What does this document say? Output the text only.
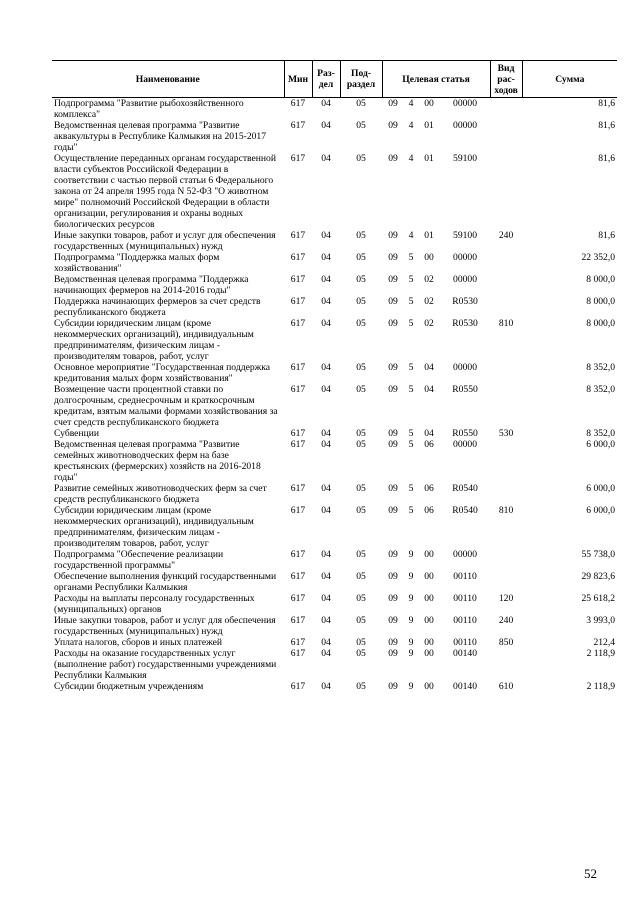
Наименование	Мин	Раз-дел	Под-раздел	Целевая статья				Вид рас-ходов	Сумма
Подпрограмма "Развитие рыбохозяйственного комплекса"	617	04	05	09	4	00	00000		81,6
Ведомственная целевая программа "Развитие аквакультуры в Республике Калмыкия на 2015-2017 годы"	617	04	05	09	4	01	00000		81,6
Осуществление переданных органам государственной власти субъектов Российской Федерации в соответствии с частью первой статьи 6 Федерального закона от 24 апреля 1995 года N 52-ФЗ "О животном мире" полномочий Российской Федерации в области организации, регулирования и охраны водных биологических ресурсов	617	04	05	09	4	01	59100		81,6
Иные закупки товаров, работ и услуг для обеспечения государственных (муниципальных) нужд	617	04	05	09	4	01	59100	240	81,6
Подпрограмма "Поддержка малых форм хозяйствования"	617	04	05	09	5	00	00000		22 352,0
Ведомственная целевая программа "Поддержка начинающих фермеров на 2014-2016 годы"	617	04	05	09	5	02	00000		8 000,0
Поддержка начинающих фермеров за счет средств республиканского бюджета	617	04	05	09	5	02	R0530		8 000,0
Субсидии юридическим лицам (кроме некоммерческих организаций), индивидуальным предпринимателям, физическим лицам - производителям товаров, работ, услуг	617	04	05	09	5	02	R0530	810	8 000,0
Основное мероприятие "Государственная поддержка кредитования малых форм хозяйствования"	617	04	05	09	5	04	00000		8 352,0
Возмещение части процентной ставки по долгосрочным, среднесрочным и краткосрочным кредитам, взятым малыми формами хозяйствования за счет средств республиканского бюджета	617	04	05	09	5	04	R0550		8 352,0
Субвенции	617	04	05	09	5	04	R0550	530	8 352,0
Ведомственная целевая программа "Развитие семейных животноводческих ферм на базе крестьянских (фермерских) хозяйств на 2016-2018 годы"	617	04	05	09	5	06	00000		6 000,0
Развитие семейных животноводческих ферм за счет средств республиканского бюджета	617	04	05	09	5	06	R0540		6 000,0
Субсидии юридическим лицам (кроме некоммерческих организаций), индивидуальным предпринимателям, физическим лицам - производителям товаров, работ, услуг	617	04	05	09	5	06	R0540	810	6 000,0
Подпрограмма "Обеспечение реализации государственной программы"	617	04	05	09	9	00	00000		55 738,0
Обеспечение выполнения функций государственными органами Республики Калмыкия	617	04	05	09	9	00	00110		29 823,6
Расходы на выплаты персоналу государственных (муниципальных) органов	617	04	05	09	9	00	00110	120	25 618,2
Иные закупки товаров, работ и услуг для обеспечения государственных (муниципальных) нужд	617	04	05	09	9	00	00110	240	3 993,0
Уплата налогов, сборов и иных платежей	617	04	05	09	9	00	00110	850	212,4
Расходы на оказание государственных услуг (выполнение работ) государственными учреждениями Республики Калмыкия	617	04	05	09	9	00	00140		2 118,9
Субсидии бюджетным учреждениям	617	04	05	09	9	00	00140	610	2 118,9
52
